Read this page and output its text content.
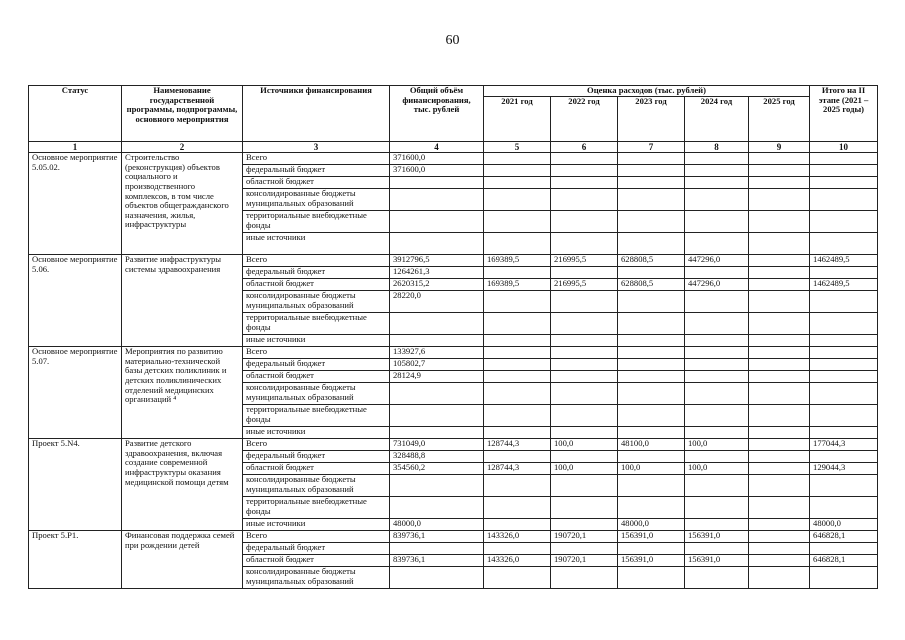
60
Статус	Наименование государственной программы, подпрограммы, основного мероприятия	Источники финансирования	Общий объём финансирования, тыс. рублей	Оценка расходов (тыс. рублей)					Итого на II этапе (2021 – 2025 годы)
				2021 год	2022 год	2023 год	2024 год	2025 год	
1	2	3	4	5	6	7	8	9	10
Основное мероприятие 5.05.02.	Строительство (реконструкция) объектов социального и производственного комплексов, в том числе объектов общегражданского назначения, жилья, инфраструктуры	Всего	371600,0						
		федеральный бюджет	371600,0						
		областной бюджет							
		консолидированные бюджеты муниципальных образований							
		территориальные внебюджетные фонды							
		иные источники							
Основное мероприятие 5.06.	Развитие инфраструктуры системы здравоохранения	Всего	3912796,5	169389,5	216995,5	628808,5	447296,0		1462489,5
		федеральный бюджет	1264261,3						
		областной бюджет	2620315,2	169389,5	216995,5	628808,5	447296,0		1462489,5
		консолидированные бюджеты муниципальных образований	28220,0						
		территориальные внебюджетные фонды							
		иные источники							
Основное мероприятие 5.07.	Мероприятия по развитию материально-технической базы детских поликлиник и детских поликлинических отделений медицинских организаций ⁴	Всего	133927,6						
		федеральный бюджет	105802,7						
		областной бюджет	28124,9						
		консолидированные бюджеты муниципальных образований							
		территориальные внебюджетные фонды							
		иные источники							
Проект 5.N4.	Развитие детского здравоохранения, включая создание современной инфраструктуры оказания медицинской помощи детям	Всего	731049,0	128744,3	100,0	48100,0	100,0		177044,3
		федеральный бюджет	328488,8						
		областной бюджет	354560,2	128744,3	100,0	100,0	100,0		129044,3
		консолидированные бюджеты муниципальных образований							
		территориальные внебюджетные фонды							
		иные источники	48000,0			48000,0			48000,0
Проект 5.Р1.	Финансовая поддержка семей при рождении детей	Всего	839736,1	143326,0	190720,1	156391,0	156391,0		646828,1
		федеральный бюджет							
		областной бюджет	839736,1	143326,0	190720,1	156391,0	156391,0		646828,1
		консолидированные бюджеты муниципальных образований							
